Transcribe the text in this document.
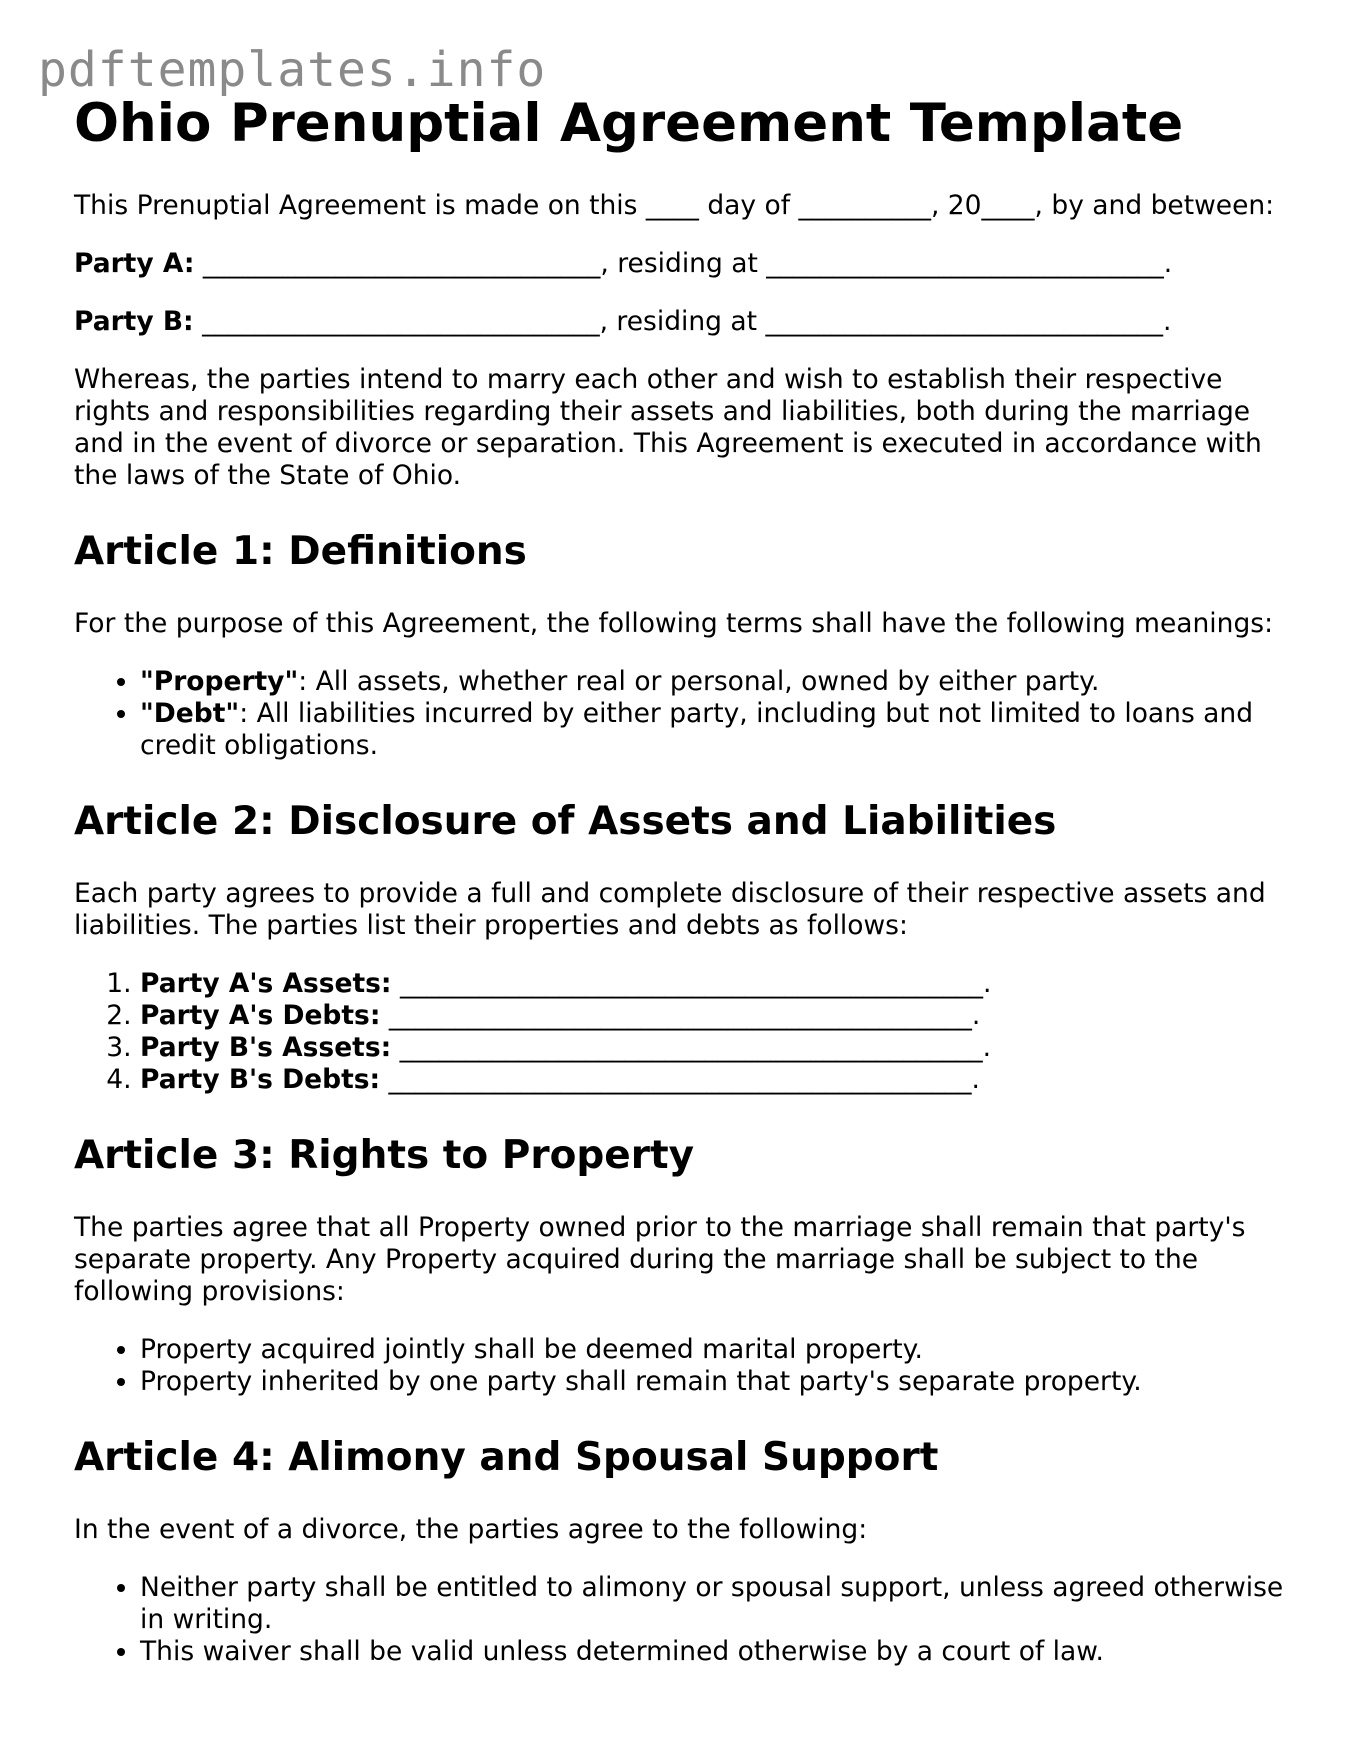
pdftemplates.info
Ohio Prenuptial Agreement Template

This Prenuptial Agreement is made on this ____ day of __________, 20____, by and between:

Party A: ______________________________, residing at ______________________________.

Party B: ______________________________, residing at ______________________________.

Whereas, the parties intend to marry each other and wish to establish their respective rights and responsibilities regarding their assets and liabilities, both during the marriage and in the event of divorce or separation. This Agreement is executed in accordance with the laws of the State of Ohio.

Article 1: Definitions

For the purpose of this Agreement, the following terms shall have the following meanings:

• "Property": All assets, whether real or personal, owned by either party.
• "Debt": All liabilities incurred by either party, including but not limited to loans and credit obligations.
Article 2: Disclosure of Assets and Liabilities

Each party agrees to provide a full and complete disclosure of their respective assets and liabilities. The parties list their properties and debts as follows:

1. Party A's Assets: ____________________________________________.
2. Party A's Debts: ____________________________________________.
3. Party B's Assets: ____________________________________________.
4. Party B's Debts: ____________________________________________.
Article 3: Rights to Property

The parties agree that all Property owned prior to the marriage shall remain that party's separate property. Any Property acquired during the marriage shall be subject to the following provisions:

• Property acquired jointly shall be deemed marital property.
• Property inherited by one party shall remain that party's separate property.
Article 4: Alimony and Spousal Support

In the event of a divorce, the parties agree to the following:

• Neither party shall be entitled to alimony or spousal support, unless agreed otherwise in writing.
• This waiver shall be valid unless determined otherwise by a court of law.
